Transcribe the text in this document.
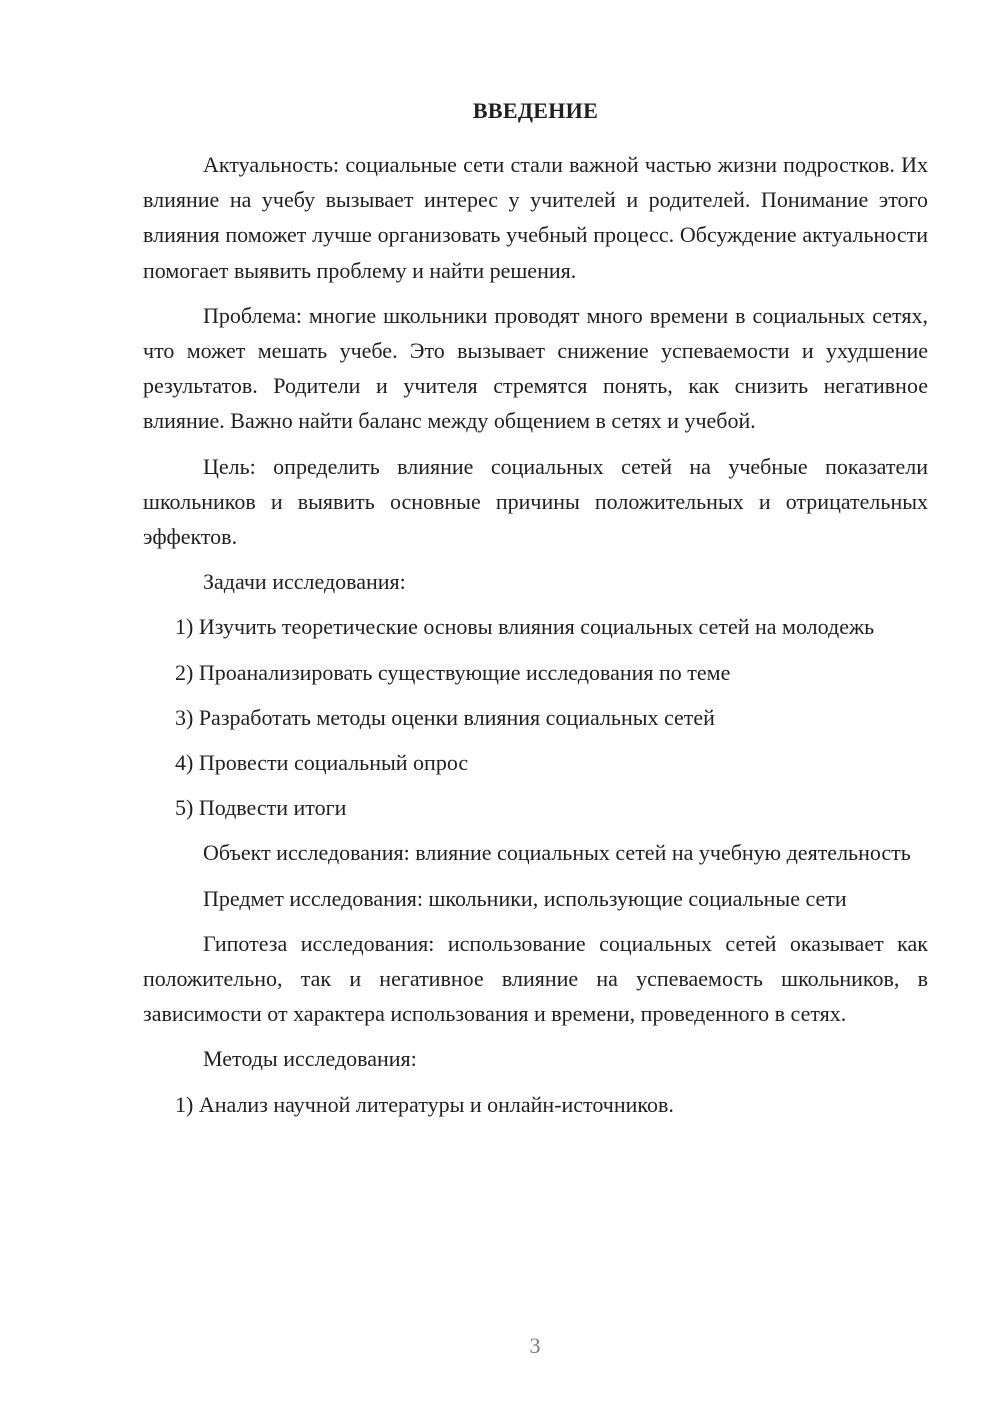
ВВЕДЕНИЕ

Актуальность: социальные сети стали важной частью жизни подростков. Их влияние на учебу вызывает интерес у учителей и родителей. Понимание этого влияния поможет лучше организовать учебный процесс. Обсуждение актуальности помогает выявить проблему и найти решения.

Проблема: многие школьники проводят много времени в социальных сетях, что может мешать учебе. Это вызывает снижение успеваемости и ухудшение результатов. Родители и учителя стремятся понять, как снизить негативное влияние. Важно найти баланс между общением в сетях и учебой.

Цель: определить влияние социальных сетей на учебные показатели школьников и выявить основные причины положительных и отрицательных эффектов.

Задачи исследования:

1) Изучить теоретические основы влияния социальных сетей на молодежь

2) Проанализировать существующие исследования по теме

3) Разработать методы оценки влияния социальных сетей

4) Провести социальный опрос

5) Подвести итоги

Объект исследования: влияние социальных сетей на учебную деятельность

Предмет исследования: школьники, использующие социальные сети

Гипотеза исследования: использование социальных сетей оказывает как положительно, так и негативное влияние на успеваемость школьников, в зависимости от характера использования и времени, проведенного в сетях.

Методы исследования:

1) Анализ научной литературы и онлайн-источников.

3
